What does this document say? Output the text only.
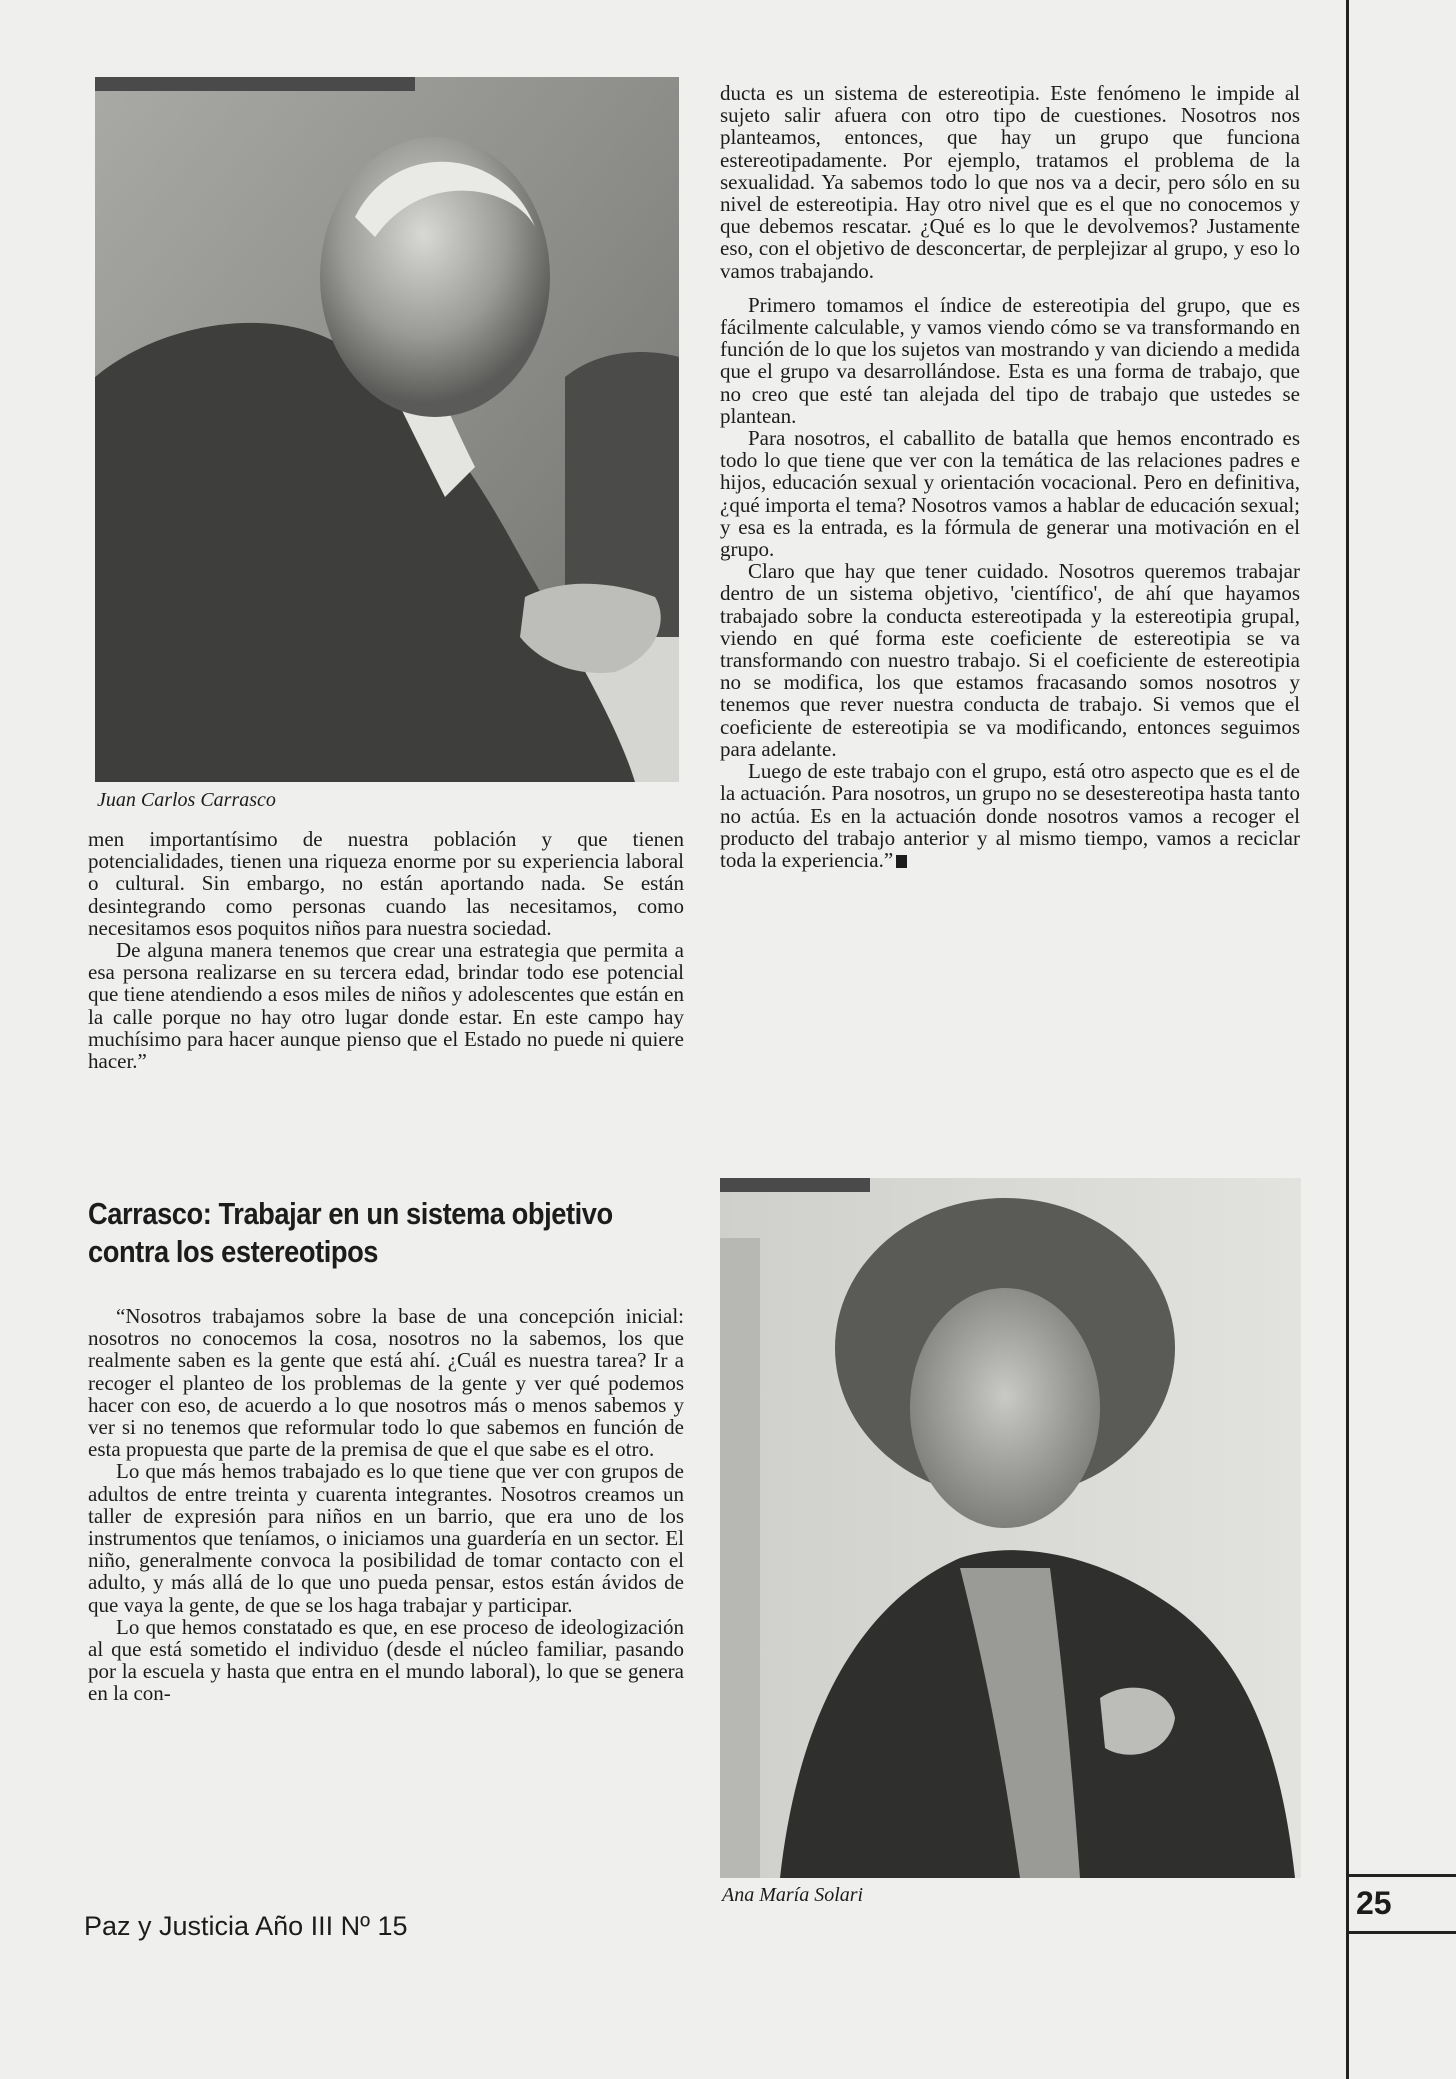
Juan Carlos Carrasco
Ana María Solari

men importantísimo de nuestra población y que tienen potencialidades, tienen una riqueza enorme por su experiencia laboral o cultural. Sin embargo, no están aportando nada. Se están desintegrando como personas cuando las necesitamos, como necesitamos esos poquitos niños para nuestra sociedad.

De alguna manera tenemos que crear una estrategia que permita a esa persona realizarse en su tercera edad, brindar todo ese potencial que tiene atendiendo a esos miles de niños y adolescentes que están en la calle porque no hay otro lugar donde estar. En este campo hay muchísimo para hacer aunque pienso que el Estado no puede ni quiere hacer.”

Carrasco: Trabajar en un sistema objetivo contra los estereotipos

“Nosotros trabajamos sobre la base de una concepción inicial: nosotros no conocemos la cosa, nosotros no la sabemos, los que realmente saben es la gente que está ahí. ¿Cuál es nuestra tarea? Ir a recoger el planteo de los problemas de la gente y ver qué podemos hacer con eso, de acuerdo a lo que nosotros más o menos sabemos y ver si no tenemos que reformular todo lo que sabemos en función de esta propuesta que parte de la premisa de que el que sabe es el otro.

Lo que más hemos trabajado es lo que tiene que ver con grupos de adultos de entre treinta y cuarenta integrantes. Nosotros creamos un taller de expresión para niños en un barrio, que era uno de los instrumentos que teníamos, o iniciamos una guardería en un sector. El niño, generalmente convoca la posibilidad de tomar contacto con el adulto, y más allá de lo que uno pueda pensar, estos están ávidos de que vaya la gente, de que se los haga trabajar y participar.

Lo que hemos constatado es que, en ese proceso de ideologización al que está sometido el individuo (desde el núcleo familiar, pasando por la escuela y hasta que entra en el mundo laboral), lo que se genera en la con-

ducta es un sistema de estereotipia. Este fenómeno le impide al sujeto salir afuera con otro tipo de cuestiones. Nosotros nos planteamos, entonces, que hay un grupo que funciona estereotipadamente. Por ejemplo, tratamos el problema de la sexualidad. Ya sabemos todo lo que nos va a decir, pero sólo en su nivel de estereotipia. Hay otro nivel que es el que no conocemos y que debemos rescatar. ¿Qué es lo que le devolvemos? Justamente eso, con el objetivo de desconcertar, de perplejizar al grupo, y eso lo vamos trabajando.

Primero tomamos el índice de estereotipia del grupo, que es fácilmente calculable, y vamos viendo cómo se va transformando en función de lo que los sujetos van mostrando y van diciendo a medida que el grupo va desarrollándose. Esta es una forma de trabajo, que no creo que esté tan alejada del tipo de trabajo que ustedes se plantean.

Para nosotros, el caballito de batalla que hemos encontrado es todo lo que tiene que ver con la temática de las relaciones padres e hijos, educación sexual y orientación vocacional. Pero en definitiva, ¿qué importa el tema? Nosotros vamos a hablar de educación sexual; y esa es la entrada, es la fórmula de generar una motivación en el grupo.

Claro que hay que tener cuidado. Nosotros queremos trabajar dentro de un sistema objetivo, 'científico', de ahí que hayamos trabajado sobre la conducta estereotipada y la estereotipia grupal, viendo en qué forma este coeficiente de estereotipia se va transformando con nuestro trabajo. Si el coeficiente de estereotipia no se modifica, los que estamos fracasando somos nosotros y tenemos que rever nuestra conducta de trabajo. Si vemos que el coeficiente de estereotipia se va modificando, entonces seguimos para adelante.

Luego de este trabajo con el grupo, está otro aspecto que es el de la actuación. Para nosotros, un grupo no se desestereotipa hasta tanto no actúa. Es en la actuación donde nosotros vamos a recoger el producto del trabajo anterior y al mismo tiempo, vamos a reciclar toda la experiencia.”

Paz y Justicia Año III Nº 15
25
